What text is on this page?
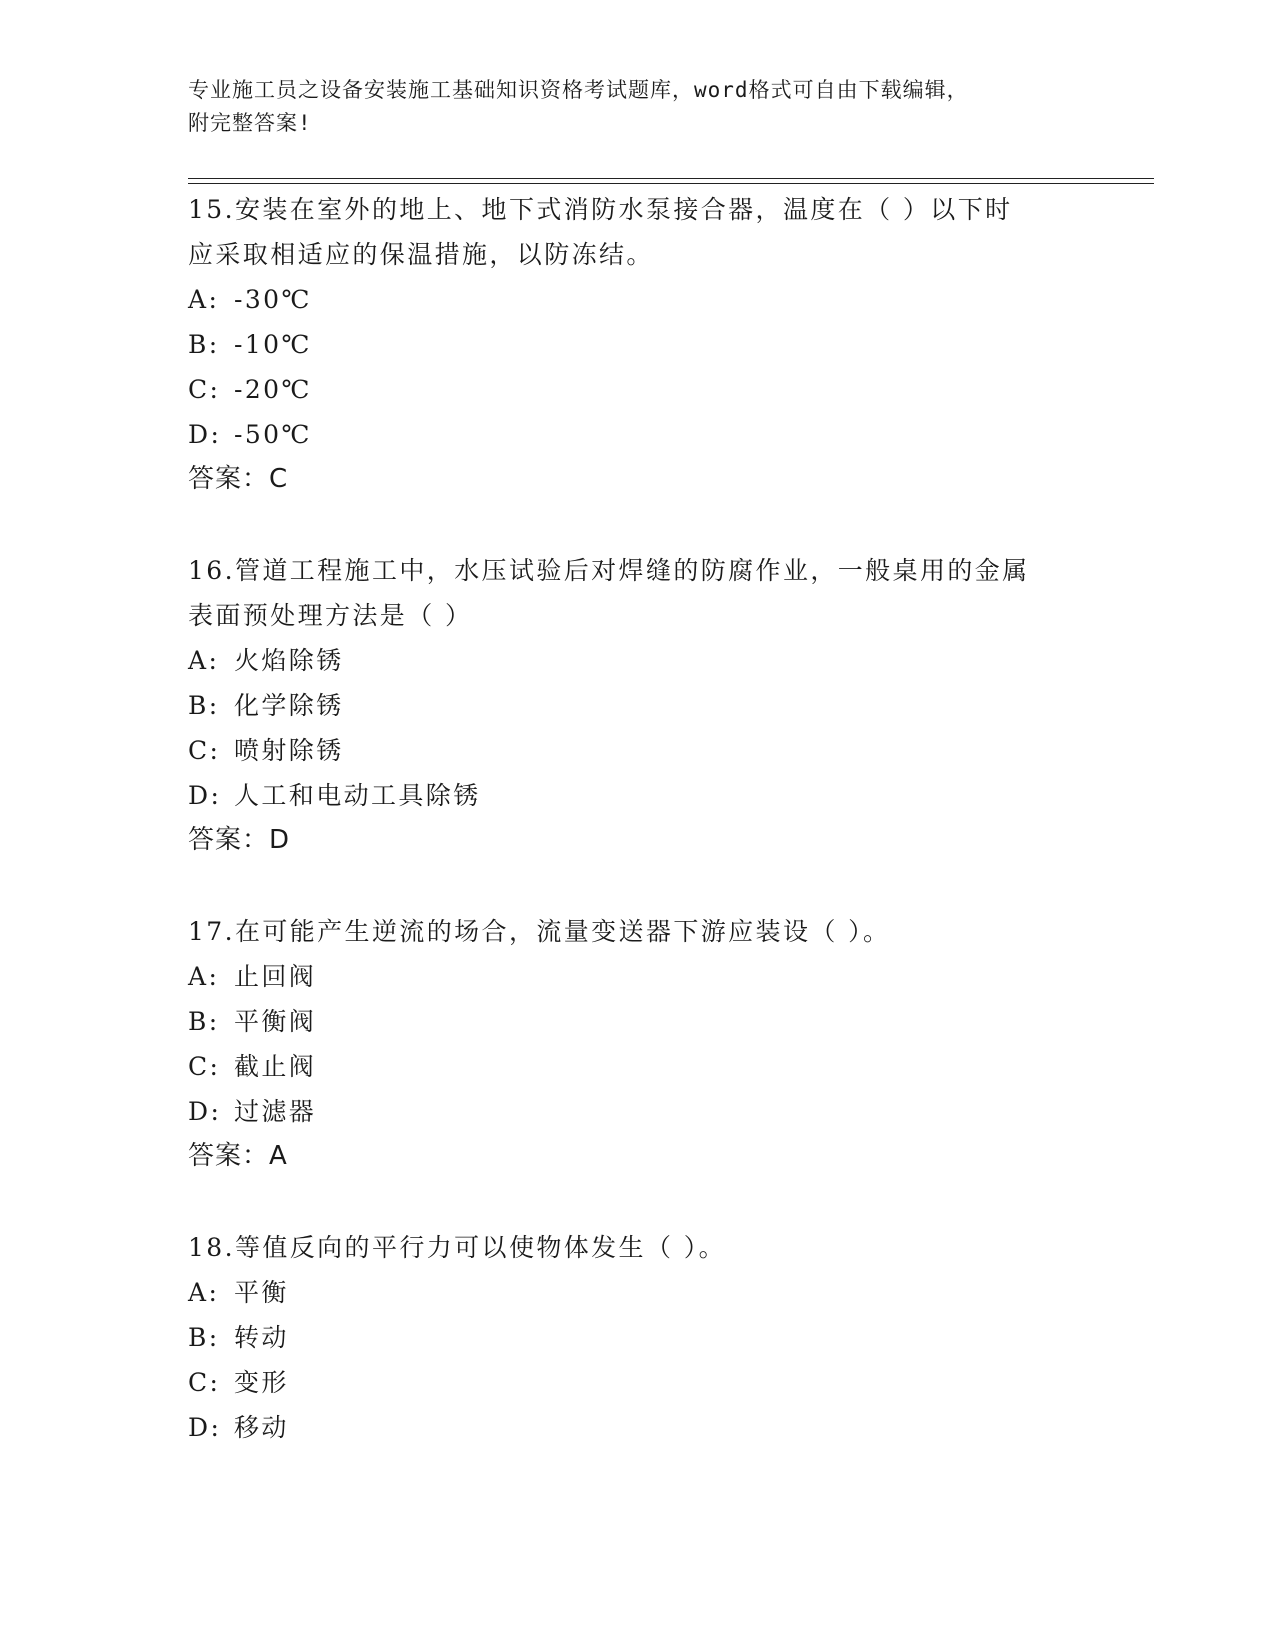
专业施工员之设备安装施工基础知识资格考试题库，word格式可自由下载编辑，
附完整答案!
15.安装在室外的地上、地下式消防水泵接合器，温度在（ ）以下时
应采取相适应的保温措施，以防冻结。
A: -30℃
B: -10℃
C: -20℃
D: -50℃
答案：C
16.管道工程施工中，水压试验后对焊缝的防腐作业，一般桌用的金属
表面预处理方法是（ ）
A: 火焰除锈
B: 化学除锈
C: 喷射除锈
D: 人工和电动工具除锈
答案：D
17.在可能产生逆流的场合，流量变送器下游应装设（ ）。
A: 止回阀
B: 平衡阀
C: 截止阀
D: 过滤器
答案：A
18.等值反向的平行力可以使物体发生（ ）。
A: 平衡
B: 转动
C: 变形
D: 移动
